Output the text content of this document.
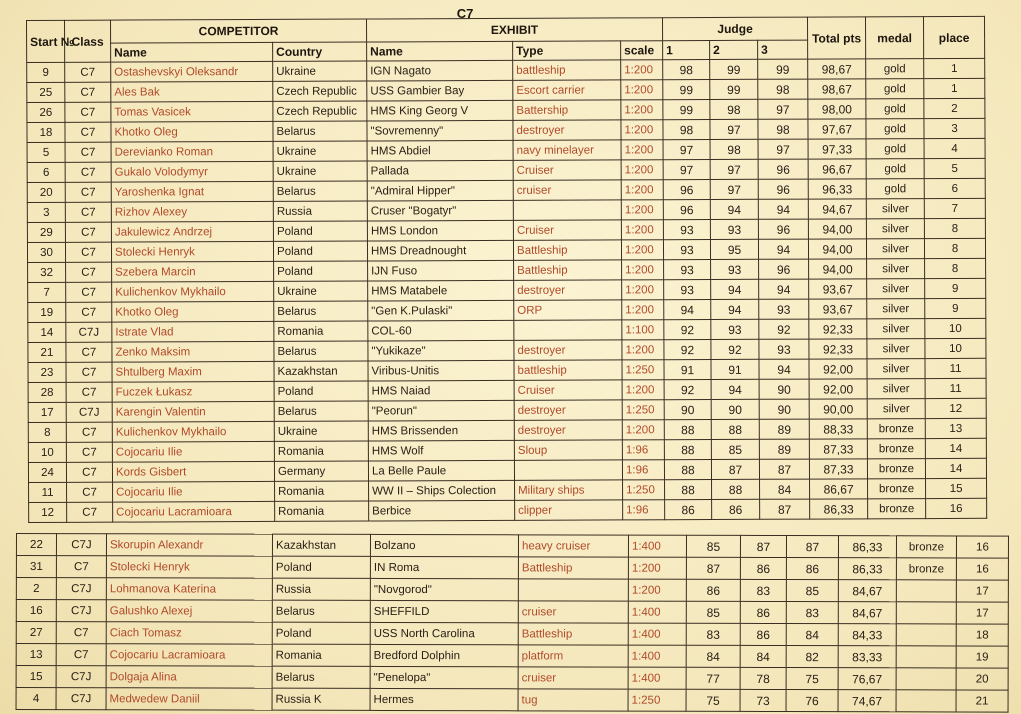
C7
Start №	Class	COMPETITOR		EXHIBIT			Judge			Total pts	medal	place
		Name	Country	Name	Type	scale	1	2	3			
9	C7	Ostashevskyi Oleksandr	Ukraine	IGN Nagato	battleship	1:200	98	99	99	98,67	gold	1
25	C7	Ales Bak	Czech Republic	USS Gambier Bay	Escort carrier	1:200	99	99	98	98,67	gold	1
26	C7	Tomas Vasicek	Czech Republic	HMS King Georg V	Battership	1:200	99	98	97	98,00	gold	2
18	C7	Khotko Oleg	Belarus	"Sovremenny"	destroyer	1:200	98	97	98	97,67	gold	3
5	C7	Derevianko Roman	Ukraine	HMS Abdiel	navy minelayer	1:200	97	98	97	97,33	gold	4
6	C7	Gukalo Volodymyr	Ukraine	Pallada	Cruiser	1:200	97	97	96	96,67	gold	5
20	C7	Yaroshenka Ignat	Belarus	"Admiral Hipper"	cruiser	1:200	96	97	96	96,33	gold	6
3	C7	Rizhov Alexey	Russia	Cruser "Bogatyr"		1:200	96	94	94	94,67	silver	7
29	C7	Jakulewicz Andrzej	Poland	HMS London	Cruiser	1:200	93	93	96	94,00	silver	8
30	C7	Stolecki Henryk	Poland	HMS Dreadnought	Battleship	1:200	93	95	94	94,00	silver	8
32	C7	Szebera Marcin	Poland	IJN Fuso	Battleship	1:200	93	93	96	94,00	silver	8
7	C7	Kulichenkov Mykhailo	Ukraine	HMS Matabele	destroyer	1:200	93	94	94	93,67	silver	9
19	C7	Khotko Oleg	Belarus	"Gen K.Pulaski"	ORP	1:200	94	94	93	93,67	silver	9
14	C7J	Istrate Vlad	Romania	COL-60		1:100	92	93	92	92,33	silver	10
21	C7	Zenko Maksim	Belarus	"Yukikaze"	destroyer	1:200	92	92	93	92,33	silver	10
23	C7	Shtulberg Maxim	Kazakhstan	Viribus-Unitis	battleship	1:250	91	91	94	92,00	silver	11
28	C7	Fuczek Łukasz	Poland	HMS Naiad	Cruiser	1:200	92	94	90	92,00	silver	11
17	C7J	Karengin Valentin	Belarus	"Peorun"	destroyer	1:250	90	90	90	90,00	silver	12
8	C7	Kulichenkov Mykhailo	Ukraine	HMS Brissenden	destroyer	1:200	88	88	89	88,33	bronze	13
10	C7	Cojocariu Ilie	Romania	HMS Wolf	Sloup	1:96	88	85	89	87,33	bronze	14
24	C7	Kords Gisbert	Germany	La Belle Paule		1:96	88	87	87	87,33	bronze	14
11	C7	Cojocariu Ilie	Romania	WW II – Ships Colection	Military ships	1:250	88	88	84	86,67	bronze	15
12	C7	Cojocariu Lacramioara	Romania	Berbice	clipper	1:96	86	86	87	86,33	bronze	16
22	C7J	Skorupin Alexandr	Kazakhstan	Bolzano	heavy cruiser	1:400	85	87	87	86,33	bronze	16
31	C7	Stolecki Henryk	Poland	IN Roma	Battleship	1:200	87	86	86	86,33	bronze	16
2	C7J	Lohmanova Katerina	Russia	"Novgorod"		1:200	86	83	85	84,67		17
16	C7J	Galushko Alexej	Belarus	SHEFFILD	cruiser	1:400	85	86	83	84,67		17
27	C7	Ciach Tomasz	Poland	USS North Carolina	Battleship	1:400	83	86	84	84,33		18
13	C7	Cojocariu Lacramioara	Romania	Bredford Dolphin	platform	1:400	84	84	82	83,33		19
15	C7J	Dolgaja Alina	Belarus	"Penelopa"	cruiser	1:400	77	78	75	76,67		20
4	C7J	Medwedew Daniil	Russia K	Hermes	tug	1:250	75	73	76	74,67		21
